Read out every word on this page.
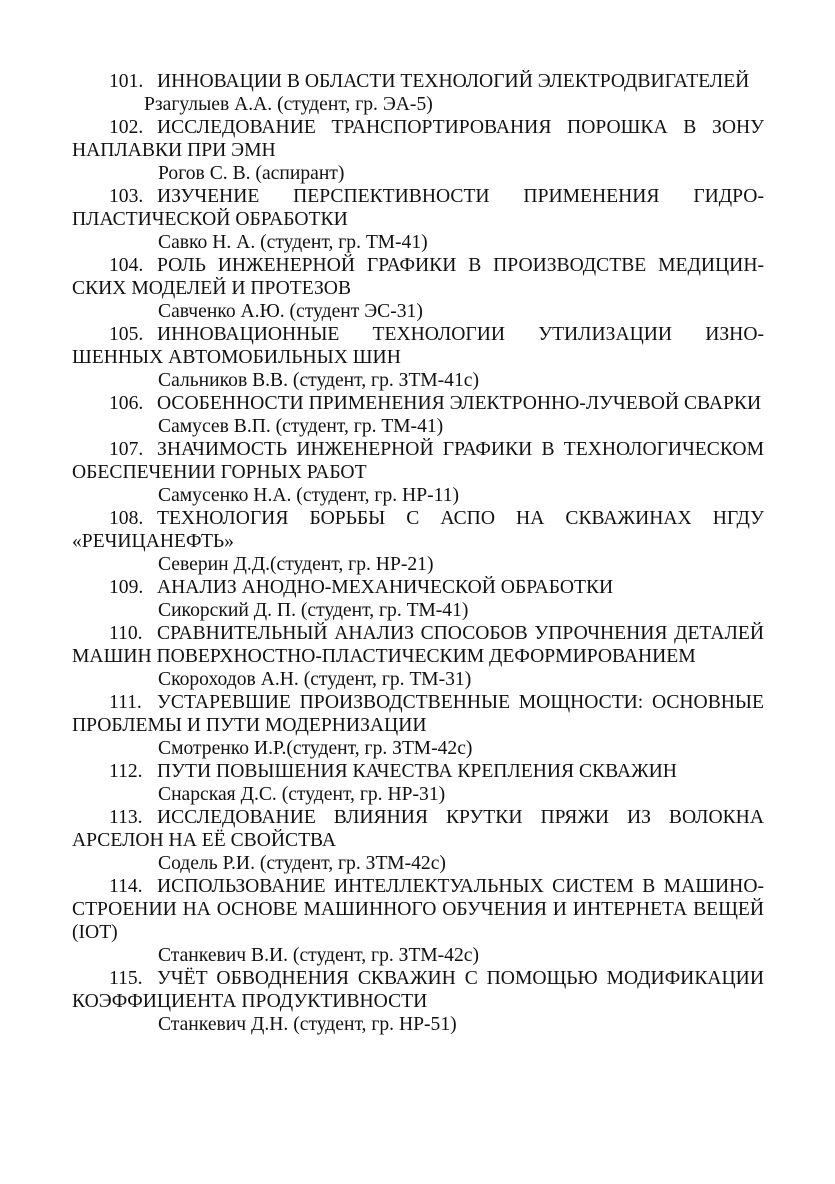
101. ИННОВАЦИИ В ОБЛАСТИ ТЕХНОЛОГИЙ ЭЛЕКТРОДВИГАТЕЛЕЙ
Рзагулыев А.А. (студент, гр. ЭА-5)
102. ИССЛЕДОВАНИЕ ТРАНСПОРТИРОВАНИЯ ПОРОШКА В ЗОНУ НАПЛАВКИ ПРИ ЭМН
Рогов С. В. (аспирант)
103. ИЗУЧЕНИЕ ПЕРСПЕКТИВНОСТИ ПРИМЕНЕНИЯ ГИДРО-ПЛАСТИЧЕСКОЙ ОБРАБОТКИ
Савко Н. А. (студент, гр. ТМ-41)
104. РОЛЬ ИНЖЕНЕРНОЙ ГРАФИКИ В ПРОИЗВОДСТВЕ МЕДИЦИН-СКИХ МОДЕЛЕЙ И ПРОТЕЗОВ
Савченко А.Ю. (студент ЭС-31)
105. ИННОВАЦИОННЫЕ ТЕХНОЛОГИИ УТИЛИЗАЦИИ ИЗНО-ШЕННЫХ АВТОМОБИЛЬНЫХ ШИН
Сальников В.В. (студент, гр. ЗТМ-41с)
106. ОСОБЕННОСТИ ПРИМЕНЕНИЯ ЭЛЕКТРОННО-ЛУЧЕВОЙ СВАРКИ
Самусев В.П. (студент, гр. ТМ-41)
107. ЗНАЧИМОСТЬ ИНЖЕНЕРНОЙ ГРАФИКИ В ТЕХНОЛОГИЧЕСКОМ ОБЕСПЕЧЕНИИ ГОРНЫХ РАБОТ
Самусенко Н.А. (студент, гр. НР-11)
108. ТЕХНОЛОГИЯ БОРЬБЫ С АСПО НА СКВАЖИНАХ НГДУ «РЕЧИЦАНЕФТЬ»
Северин Д.Д.(студент, гр. НР-21)
109. АНАЛИЗ АНОДНО-МЕХАНИЧЕСКОЙ ОБРАБОТКИ
Сикорский Д. П. (студент, гр. ТМ-41)
110. СРАВНИТЕЛЬНЫЙ АНАЛИЗ СПОСОБОВ УПРОЧНЕНИЯ ДЕТАЛЕЙ МАШИН ПОВЕРХНОСТНО-ПЛАСТИЧЕСКИМ ДЕФОРМИРОВАНИЕМ
Скороходов А.Н. (студент, гр. ТМ-31)
111. УСТАРЕВШИЕ ПРОИЗВОДСТВЕННЫЕ МОЩНОСТИ: ОСНОВНЫЕ ПРОБЛЕМЫ И ПУТИ МОДЕРНИЗАЦИИ
Смотренко И.Р.(студент, гр. ЗТМ-42с)
112. ПУТИ ПОВЫШЕНИЯ КАЧЕСТВА КРЕПЛЕНИЯ СКВАЖИН
Снарская Д.С. (студент, гр. НР-31)
113. ИССЛЕДОВАНИЕ ВЛИЯНИЯ КРУТКИ ПРЯЖИ ИЗ ВОЛОКНА АРСЕЛОН НА ЕЁ СВОЙСТВА
Содель Р.И. (студент, гр. ЗТМ-42с)
114. ИСПОЛЬЗОВАНИЕ ИНТЕЛЛЕКТУАЛЬНЫХ СИСТЕМ В МАШИНО-СТРОЕНИИ НА ОСНОВЕ МАШИННОГО ОБУЧЕНИЯ И ИНТЕРНЕТА ВЕЩЕЙ (IOT)
Станкевич В.И. (студент, гр. ЗТМ-42с)
115. УЧЁТ ОБВОДНЕНИЯ СКВАЖИН С ПОМОЩЬЮ МОДИФИКАЦИИ КОЭФФИЦИЕНТА ПРОДУКТИВНОСТИ
Станкевич Д.Н. (студент, гр. НР-51)
